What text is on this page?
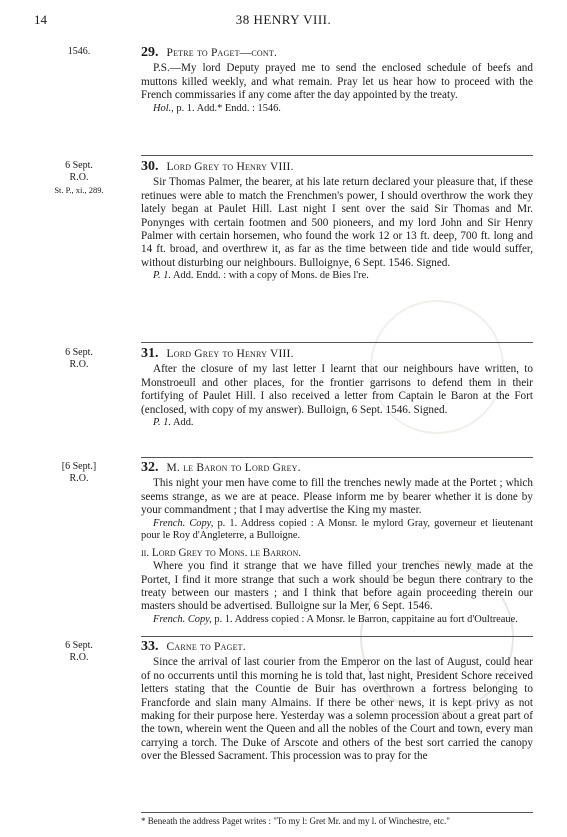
14	38 HENRY VIII.
1546.	29. Petre to Paget—cont.

P.S.—My lord Deputy prayed me to send the enclosed schedule of beefs and muttons killed weekly, and what remain. Pray let us hear how to proceed with the French commissaries if any come after the day appointed by the treaty.

Hol., p. 1. Add.* Endd. : 1546.

6 Sept.
R.O.
St. P., xi., 289.

30. Lord Grey to Henry VIII.

Sir Thomas Palmer, the bearer, at his late return declared your pleasure that, if these retinues were able to match the Frenchmen's power, I should overthrow the work they lately began at Paulet Hill. Last night I sent over the said Sir Thomas and Mr. Ponynges with certain footmen and 500 pioneers, and my lord John and Sir Henry Palmer with certain horsemen, who found the work 12 or 13 ft. deep, 700 ft. long and 14 ft. broad, and overthrew it, as far as the time between tide and tide would suffer, without disturbing our neighbours. Bulloignye, 6 Sept. 1546. Signed.

P. 1. Add. Endd. : with a copy of Mons. de Bies l're.

6 Sept.
R.O.

31. Lord Grey to Henry VIII.

After the closure of my last letter I learnt that our neighbours have written, to Monstroeull and other places, for the frontier garrisons to defend them in their fortifying of Paulet Hill. I also received a letter from Captain le Baron at the Fort (enclosed, with copy of my answer). Bulloign, 6 Sept. 1546. Signed.

P. 1. Add.

[6 Sept.]
R.O.

32. M. le Baron to Lord Grey.

This night your men have come to fill the trenches newly made at the Portet ; which seems strange, as we are at peace. Please inform me by bearer whether it is done by your commandment ; that I may advertise the King my master.

French. Copy, p. 1. Address copied : A Monsr. le mylord Gray, governeur et lieutenant pour le Roy d'Angleterre, a Bulloigne.

ii. Lord Grey to Mons. le Barron.

Where you find it strange that we have filled your trenches newly made at the Portet, I find it more strange that such a work should be begun there contrary to the treaty between our masters ; and I think that before again proceeding therein our masters should be advertised. Bulloigne sur la Mer, 6 Sept. 1546.

French. Copy, p. 1. Address copied : A Monsr. le Barron, cappitaine au fort d'Oultreaue.

6 Sept.
R.O.

33. Carne to Paget.

Since the arrival of last courier from the Emperor on the last of August, could hear of no occurrents until this morning he is told that, last night, President Schore received letters stating that the Countie de Buir has overthrown a fortress belonging to Francforde and slain many Almains. If there be other news, it is kept privy as not making for their purpose here. Yesterday was a solemn procession about a great part of the town, wherein went the Queen and all the nobles of the Court and town, every man carrying a torch. The Duke of Arscote and others of the best sort carried the canopy over the Blessed Sacrament. This procession was to pray for the

* Beneath the address Paget writes : "To my l: Gret Mr. and my l. of Winchestre, etc."
